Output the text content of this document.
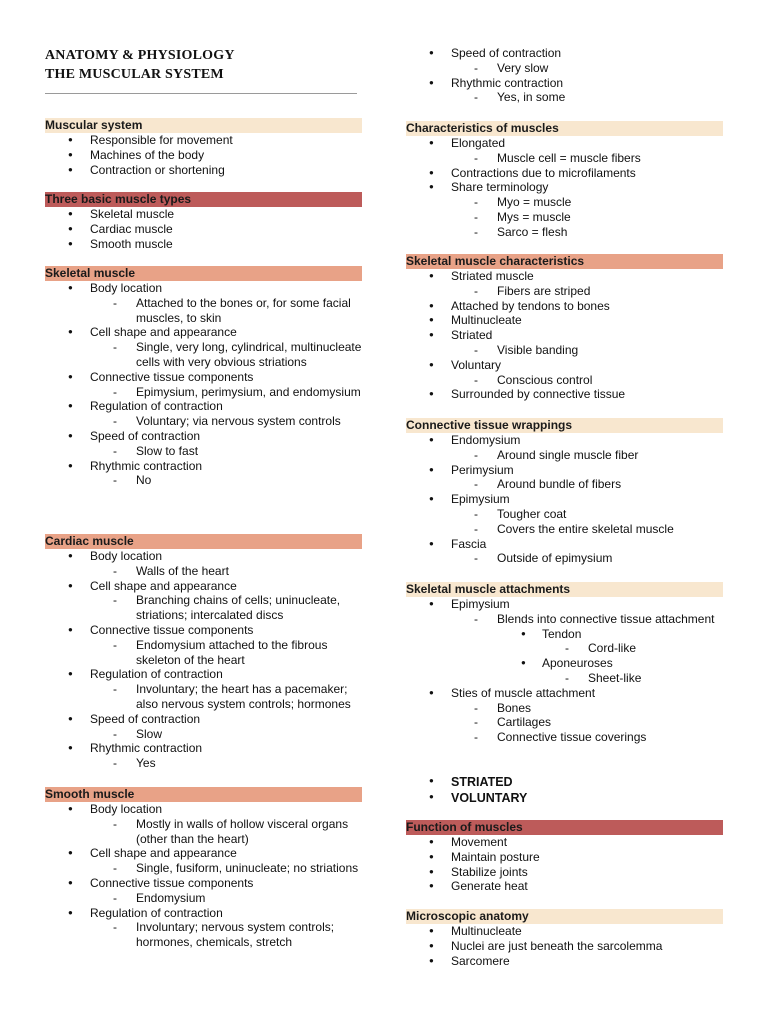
ANATOMY & PHYSIOLOGY
THE MUSCULAR SYSTEM
Muscular system
● Responsible for movement
● Machines of the body
● Contraction or shortening
Three basic muscle types
● Skeletal muscle
● Cardiac muscle
● Smooth muscle
Skeletal muscle
● Body location
- Attached to the bones or, for some facial muscles, to skin
● Cell shape and appearance
- Single, very long, cylindrical, multinucleate cells with very obvious striations
● Connective tissue components
- Epimysium, perimysium, and endomysium
● Regulation of contraction
- Voluntary; via nervous system controls
● Speed of contraction
- Slow to fast
● Rhythmic contraction
- No
Cardiac muscle
● Body location
- Walls of the heart
● Cell shape and appearance
- Branching chains of cells; uninucleate, striations; intercalated discs
● Connective tissue components
- Endomysium attached to the fibrous skeleton of the heart
● Regulation of contraction
- Involuntary; the heart has a pacemaker; also nervous system controls; hormones
● Speed of contraction
- Slow
● Rhythmic contraction
- Yes
Smooth muscle
● Body location
- Mostly in walls of hollow visceral organs (other than the heart)
● Cell shape and appearance
- Single, fusiform, uninucleate; no striations
● Connective tissue components
- Endomysium
● Regulation of contraction
- Involuntary; nervous system controls; hormones, chemicals, stretch
● Speed of contraction
- Very slow
● Rhythmic contraction
- Yes, in some
Characteristics of muscles
● Elongated
- Muscle cell = muscle fibers
● Contractions due to microfilaments
● Share terminology
- Myo = muscle
- Mys = muscle
- Sarco = flesh
Skeletal muscle characteristics
● Striated muscle
- Fibers are striped
● Attached by tendons to bones
● Multinucleate
● Striated
- Visible banding
● Voluntary
- Conscious control
● Surrounded by connective tissue
Connective tissue wrappings
● Endomysium
- Around single muscle fiber
● Perimysium
- Around bundle of fibers
● Epimysium
- Tougher coat
- Covers the entire skeletal muscle
● Fascia
- Outside of epimysium
Skeletal muscle attachments
● Epimysium
- Blends into connective tissue attachment
● Tendon
- Cord-like
● Aponeuroses
- Sheet-like
● Sties of muscle attachment
- Bones
- Cartilages
- Connective tissue coverings
● STRIATED
● VOLUNTARY
Function of muscles
● Movement
● Maintain posture
● Stabilize joints
● Generate heat
Microscopic anatomy
● Multinucleate
● Nuclei are just beneath the sarcolemma
● Sarcomere
